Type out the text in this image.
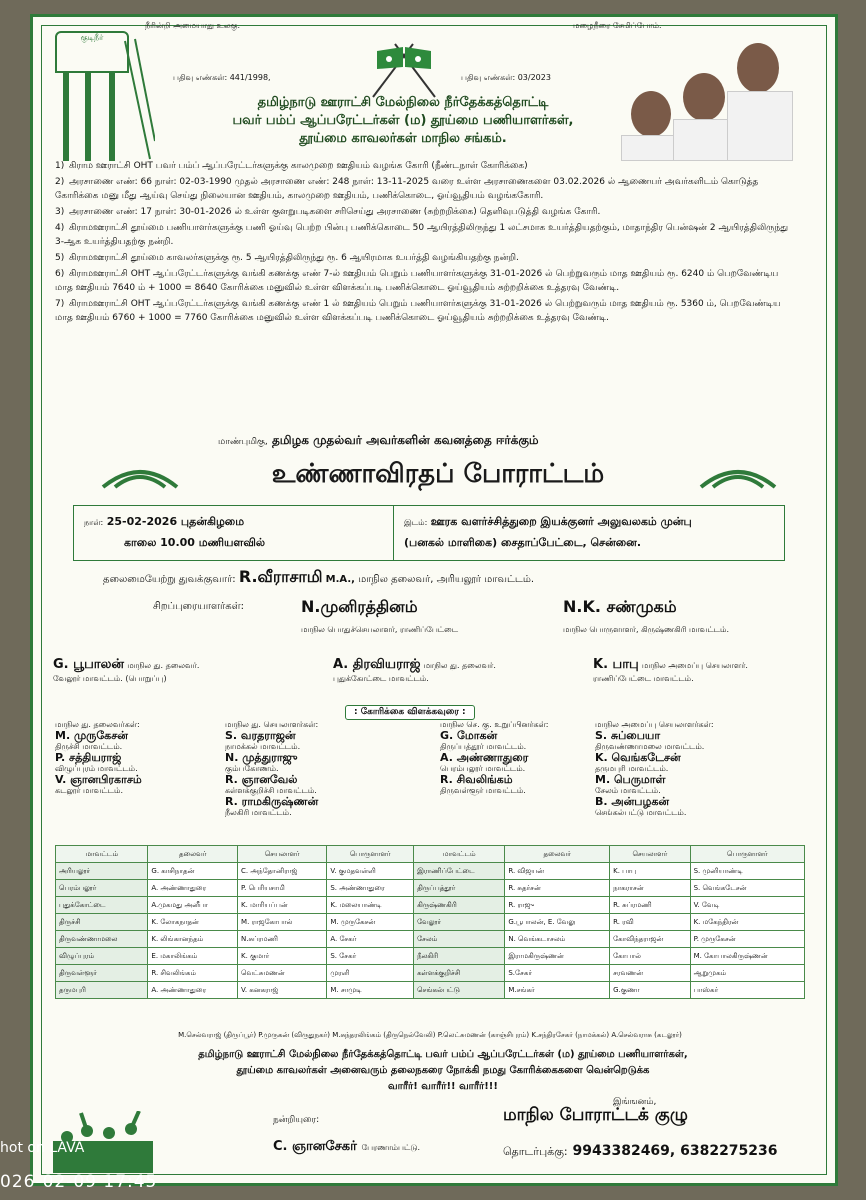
குடிநீர்
நீரின்றி அமையாது உலகு.	மழைநீரை சேமிப்போம்.
பதிவு எண்கள்: 441/1998,	பதிவு எண்கள்: 03/2023
தமிழ்நாடு ஊராட்சி மேல்நிலை நீர்தேக்கத்தொட்டி
பவர் பம்ப் ஆப்பரேட்டர்கள் (ம) தூய்மை பணியாளர்கள்,
தூய்மை காவலர்கள் மாநில சங்கம்.
1) கிராம ஊராட்சி OHT பவர் பம்ப் ஆப்பரேட்டர்களுக்கு காலமுறை ஊதியம் வழங்க கோரி (நீண்டநாள் கோரிக்கை)
2) அரசாணை எண்: 66 நாள்: 02-03-1990 முதல் அரசாணை எண்: 248 நாள்: 13-11-2025 வரை உள்ள அரசாணைகளை 03.02.2026 ல் ஆணையர் அவர்களிடம் கொடுத்த கோரிக்கை மனு மீது ஆய்வு செய்து நிலையான ஊதியம், காலமுறை ஊதியம், பணிக்கொடை, ஓய்வூதியம் வழங்ககோரி.
3) அரசாணை எண்: 17 நாள்: 30-01-2026 ல் உள்ள குளறுபடிகளை சரிசெய்து அரசாணை (சுற்றறிக்கை) தெளிவுபடுத்தி வழங்க கோரி.
4) கிராமஊராட்சி தூய்மை பணியாளர்களுக்கு பணி ஓய்வு பெற்ற பின்பு பணிக்கொடை 50 ஆயிரத்திலிருந்து 1 லட்சமாக உயர்த்தியதற்கும், மாதாந்திர பென்ஷன் 2 ஆயிரத்திலிருந்து 3-ஆக உயர்த்தியதற்கு நன்றி.
5) கிராமஊராட்சி தூய்மை காவலர்களுக்கு ரூ. 5 ஆயிரத்திலிருந்து ரூ. 6 ஆயிரமாக உயர்த்தி வழங்கியதற்கு நன்றி.
6) கிராமஊராட்சி OHT ஆப்பரேட்டர்களுக்கு வங்கி கணக்கு எண் 7-ல் ஊதியம் பெறும் பணியாளர்களுக்கு 31-01-2026 ல் பெற்றுவரும் மாத ஊதியம் ரூ. 6240 ம் பெறவேண்டிய மாத ஊதியம் 7640 ம் + 1000 = 8640 கோரிக்கை மனுவில் உள்ள விளக்கப்படி பணிக்கொடை ஓய்வூதியம் சுற்றறிக்கை உத்தரவு வேண்டி.
7) கிராமஊராட்சி OHT ஆப்பரேட்டர்களுக்கு வங்கி கணக்கு எண் 1 ல் ஊதியம் பெறும் பணியாளர்களுக்கு 31-01-2026 ல் பெற்றுவரும் மாத ஊதியம் ரூ. 5360 ம், பெறவேண்டிய மாத ஊதியம் 6760 + 1000 = 7760 கோரிக்கை மனுவில் உள்ள விளக்கப்படி பணிக்கொடை ஓய்வூதியம் சுற்றறிக்கை உத்தரவு வேண்டி.
மாண்புமிகு, தமிழக முதல்வர் அவர்களின் கவனத்தை ஈர்க்கும்
உண்ணாவிரதப் போராட்டம்
நாள்: 25-02-2026 புதன்கிழமை
காலை 10.00 மணியளவில்
இடம்: ஊரக வளர்ச்சித்துறை இயக்குனர் அலுவலகம் முன்பு
(பனகல் மாளிகை) சைதாப்பேட்டை, சென்னை.
தலைமையேற்று துவக்குவார்: R.வீராசாமி M.A., மாநில தலைவர், அரியலூர் மாவட்டம்.
சிறப்புரையாளர்கள்:	N.முனிரத்தினம்
மாநில பொதுச்செயலாளர், ராணிப்பேட்டை
N.K. சண்முகம்
மாநில பொருளாளர், கிருஷ்ணகிரி மாவட்டம்.
G. பூபாலன் மாநில து. தலைவர்.
வேலூர் மாவட்டம். (பொறுப்பு)
A. திரவியராஜ் மாநில து. தலைவர்.
புதுக்கோட்டை மாவட்டம்.
K. பாபு மாநில அமைப்பு செயலாளர்.
ராணிப்பேட்டை மாவட்டம்.
: கோரிக்கை விளக்கவுரை :
மாநில து. தலைவர்கள்:
M. முருகேசன்
திருச்சி மாவட்டம்.
P. சத்தியராஜ்
விழுப்புரம் மாவட்டம்.
V. ஞானபிரகாசம்
கடலூர் மாவட்டம்.
மாநில து. செயலாளர்கள்:
S. வரதராஜன்
நாமக்கல் மாவட்டம்.
N. முத்துராஜு
கும்பகோணம்.
R. ஞானவேல்
கள்ளக்குறிச்சி மாவட்டம்.
R. ராமகிருஷ்ணன்
நீலகிரி மாவட்டம்.
மாநில செ. கு. உறுப்பினர்கள்:
G. மோகன்
திருப்பத்தூர் மாவட்டம்.
A. அண்ணாதுரை
பெரம்பலூர் மாவட்டம்.
R. சிவலிங்கம்
திருவள்ளூர் மாவட்டம்.
மாநில அமைப்பு செயலாளர்கள்:
S. சுப்பையா
திருவண்ணாமலை மாவட்டம்.
K. வெங்கடேசன்
தருமபுரி மாவட்டம்.
M. பெருமாள்
சேலம் மாவட்டம்.
B. அன்பழகன்
செங்கல்பட்டு மாவட்டம்.
மாவட்டம்	தலைவர்	செயலாளர்	பொருளாளர்	மாவட்டம்	தலைவர்	செயலாளர்	பொருளாளர்
அரியலூர்	G. காசிநாதன்	C. அந்தோனிராஜ்	V. குமதவள்ளி	இராணிப்பேட்டை	R. விஜயன்	K. பாபு	S. முனியாண்டி
பெரம்பலூர்	A. அண்ணாதுரை	P. பெரியசாமி	S. அண்ணாதுரை	திருப்பத்தூர்	R. சுதர்சன்	நாகராசன்	S. வெங்கடேசன்
புதுக்கோட்டை	A.முகமது அனீபா	K. மாரியப்பன்	K. மலையாண்டி	கிருஷ்ணகிரி	R. ராஜு	R. சுப்ரமணி	V. வேடி
திருச்சி	K. லோகநாதன்	M. ராஜகோபால்	M. முருகேசன்	வேலூர்	G.பூபாலன், E. வேலு	R. ரவி	K. மகேந்திரன்
திருவண்ணாமலை	K. லிங்கானந்தம்	N.சுப்ரமணி	A. சேகர்	சேலம்	N. வெங்கடாசலம்	கோவிந்தராஜன்	P. முருகேசன்
விழுப்புரம்	E. மகாலிங்கம்	K. குமார்	S. சேகர்	நீலகிரி	இராமகிருஷ்ணன்	கோபால்	M. கோபாலகிருஷ்ணன்
திருவள்ளூர்	R. சிவலிங்கம்	வெட்சுமணன்	முரளி	கள்ளக்குறிச்சி	S.சேகர்	சரவணன்	ஆறுமுகம்
தருமபுரி	A. அண்ணாதுரை	V. கனகராஜ்	M. சாமுடி	செங்கல்பட்டு	M.சங்கர்	G.குணா	பாஸ்கர்
M.செல்வராஜ் (திருப்பூர்) P.முருகன் (விருதுநகர்) M.சுந்தரலிங்கம் (திருநெல்வேலி) P.லெட்சுமணன் (காஞ்சிபுரம்) K.சந்திரசேகர் (நாமக்கல்) A.செல்வராசு (கடலூர்)
தமிழ்நாடு ஊராட்சி மேல்நிலை நீர்தேக்கத்தொட்டி பவர் பம்ப் ஆப்பரேட்டர்கள் (ம) தூய்மை பணியாளர்கள்,
தூய்மை காவலர்கள் அனைவரும் தலைநகரை நோக்கி நமது கோரிக்கைகளை வென்றெடுக்க
வாரீர்! வாரீர்!! வாரீர்!!!
இங்ஙனம்,
மாநில போராட்டக் குழு
தொடர்புக்கு: 9943382469, 6382275236
நன்றியுரை:
C. ஞானசேகர் பேரணாம்பட்டு.
hot on LAVA
026-02-09 17:45
